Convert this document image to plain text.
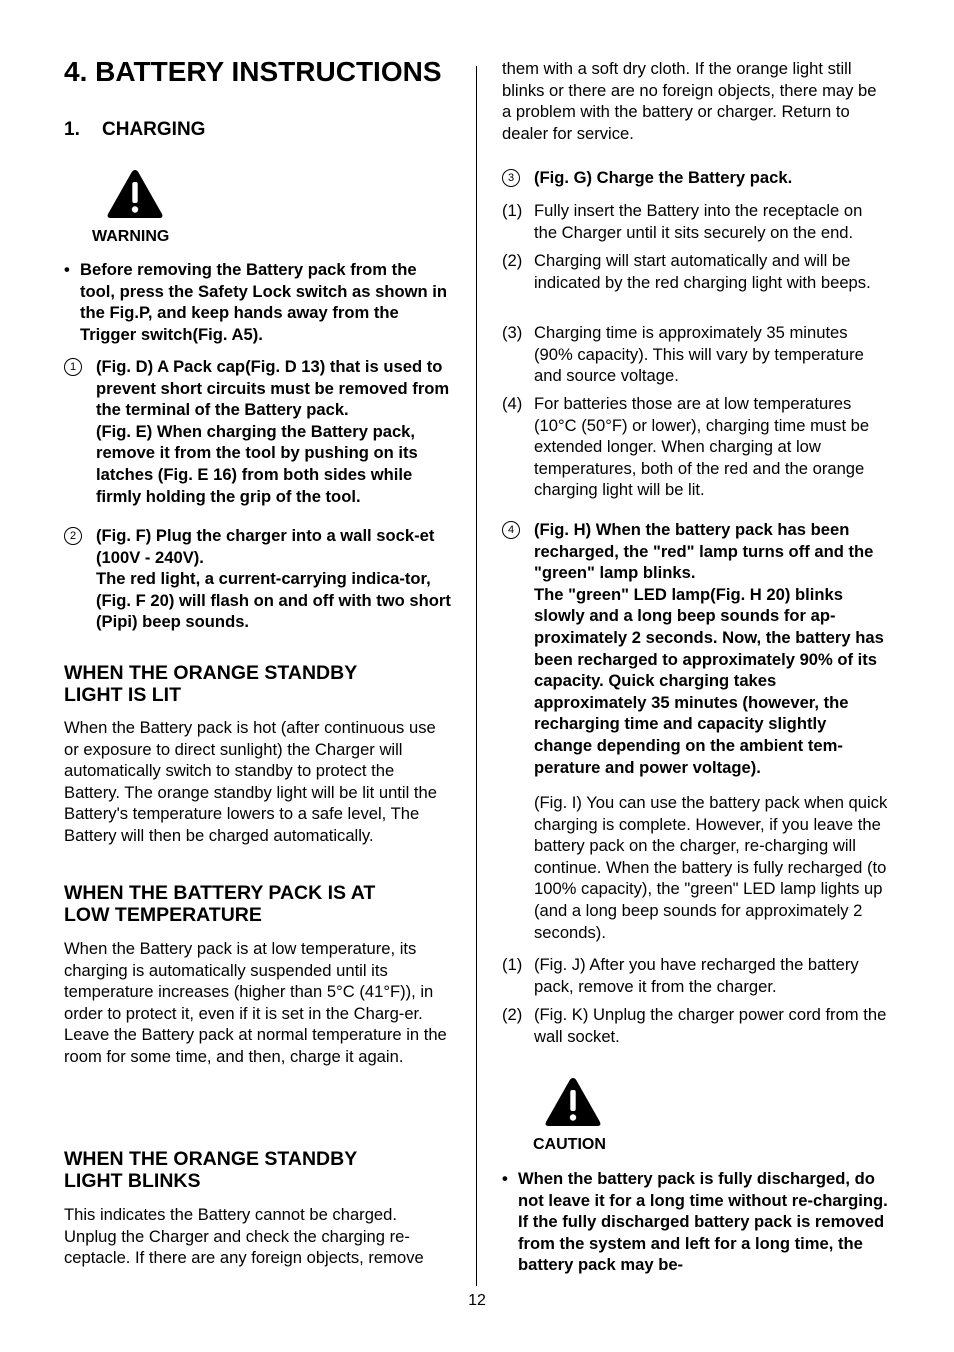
4. BATTERY INSTRUCTIONS
1. CHARGING
WARNING
• Before removing the Battery pack from the tool, press the Safety Lock switch as shown in the Fig.P, and keep hands away from the Trigger switch(Fig. A5).

1	(Fig. D) A Pack cap(Fig. D 13) that is used to prevent short circuits must be removed from the terminal of the Battery pack.
(Fig. E) When charging the Battery pack, remove it from the tool by pushing on its latches (Fig. E 16) from both sides while firmly holding the grip of the tool.

2	(Fig. F) Plug the charger into a wall sock-et (100V - 240V).
The red light, a current-carrying indica-tor, (Fig. F 20) will flash on and off with two short (Pipi) beep sounds.

WHEN THE ORANGE STANDBY
LIGHT IS LIT

When the Battery pack is hot (after continuous use or exposure to direct sunlight) the Charger will automatically switch to standby to protect the Battery. The orange standby light will be lit until the Battery's temperature lowers to a safe level, The Battery will then be charged automatically.

WHEN THE BATTERY PACK IS AT
LOW TEMPERATURE

When the Battery pack is at low temperature, its charging is automatically suspended until its temperature increases (higher than 5°C (41°F)), in order to protect it, even if it is set in the Charg-er.
Leave the Battery pack at normal temperature in the room for some time, and then, charge it again.

WHEN THE ORANGE STANDBY
LIGHT BLINKS

This indicates the Battery cannot be charged. Unplug the Charger and check the charging re-ceptacle. If there are any foreign objects, remove

them with a soft dry cloth. If the orange light still blinks or there are no foreign objects, there may be a problem with the battery or charger. Return to dealer for service.

3	(Fig. G) Charge the Battery pack.

(1) Fully insert the Battery into the receptacle on the Charger until it sits securely on the end.

(2) Charging will start automatically and will be indicated by the red charging light with beeps.

(3) Charging time is approximately 35 minutes (90% capacity). This will vary by temperature and source voltage.

(4) For batteries those are at low temperatures (10°C (50°F) or lower), charging time must be extended longer. When charging at low temperatures, both of the red and the orange charging light will be lit.

4	(Fig. H) When the battery pack has been recharged, the "red" lamp turns off and the "green" lamp blinks.
The "green" LED lamp(Fig. H 20) blinks slowly and a long beep sounds for ap-proximately 2 seconds. Now, the battery has been recharged to approximately 90% of its capacity. Quick charging takes approximately 35 minutes (however, the recharging time and capacity slightly change depending on the ambient tem-perature and power voltage).

(Fig. I) You can use the battery pack when quick charging is complete. However, if you leave the battery pack on the charger, re-charging will continue. When the battery is fully recharged (to 100% capacity), the "green" LED lamp lights up (and a long beep sounds for approximately 2 seconds).

(1) (Fig. J) After you have recharged the battery pack, remove it from the charger.

(2) (Fig. K) Unplug the charger power cord from the wall socket.

CAUTION
• When the battery pack is fully discharged, do not leave it for a long time without re-charging. If the fully discharged battery pack is removed from the system and left for a long time, the battery pack may be-

12
